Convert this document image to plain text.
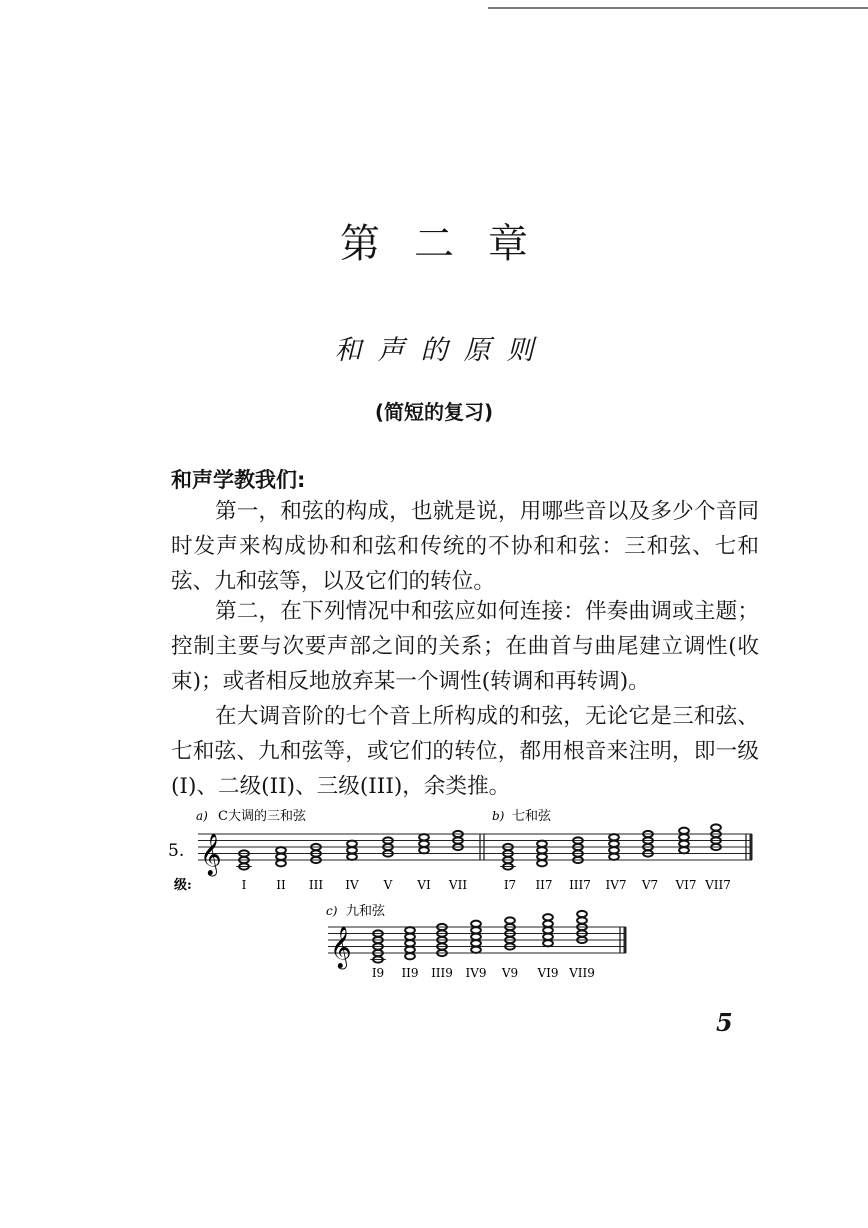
第二章
和声的原则
(简短的复习)
和声学教我们:

第一，和弦的构成，也就是说，用哪些音以及多少个音同时发声来构成协和和弦和传统的不协和和弦：三和弦、七和弦、九和弦等，以及它们的转位。

第二，在下列情况中和弦应如何连接：伴奏曲调或主题；控制主要与次要声部之间的关系；在曲首与曲尾建立调性(收束)；或者相反地放弃某一个调性(转调和再转调)。

在大调音阶的七个音上所构成的和弦，无论它是三和弦、七和弦、九和弦等，或它们的转位，都用根音来注明，即一级(I)、二级(II)、三级(III)，余类推。

𝄞
𝄞
a) C大调的三和弦	b) 七和弦
5.
级:
c) 九和弦
I II III IV V VI VII	I7 II7 III7 IV7 V7 VI7 VII7
I9 II9 III9 IV9 V9 VI9 VII9
5
